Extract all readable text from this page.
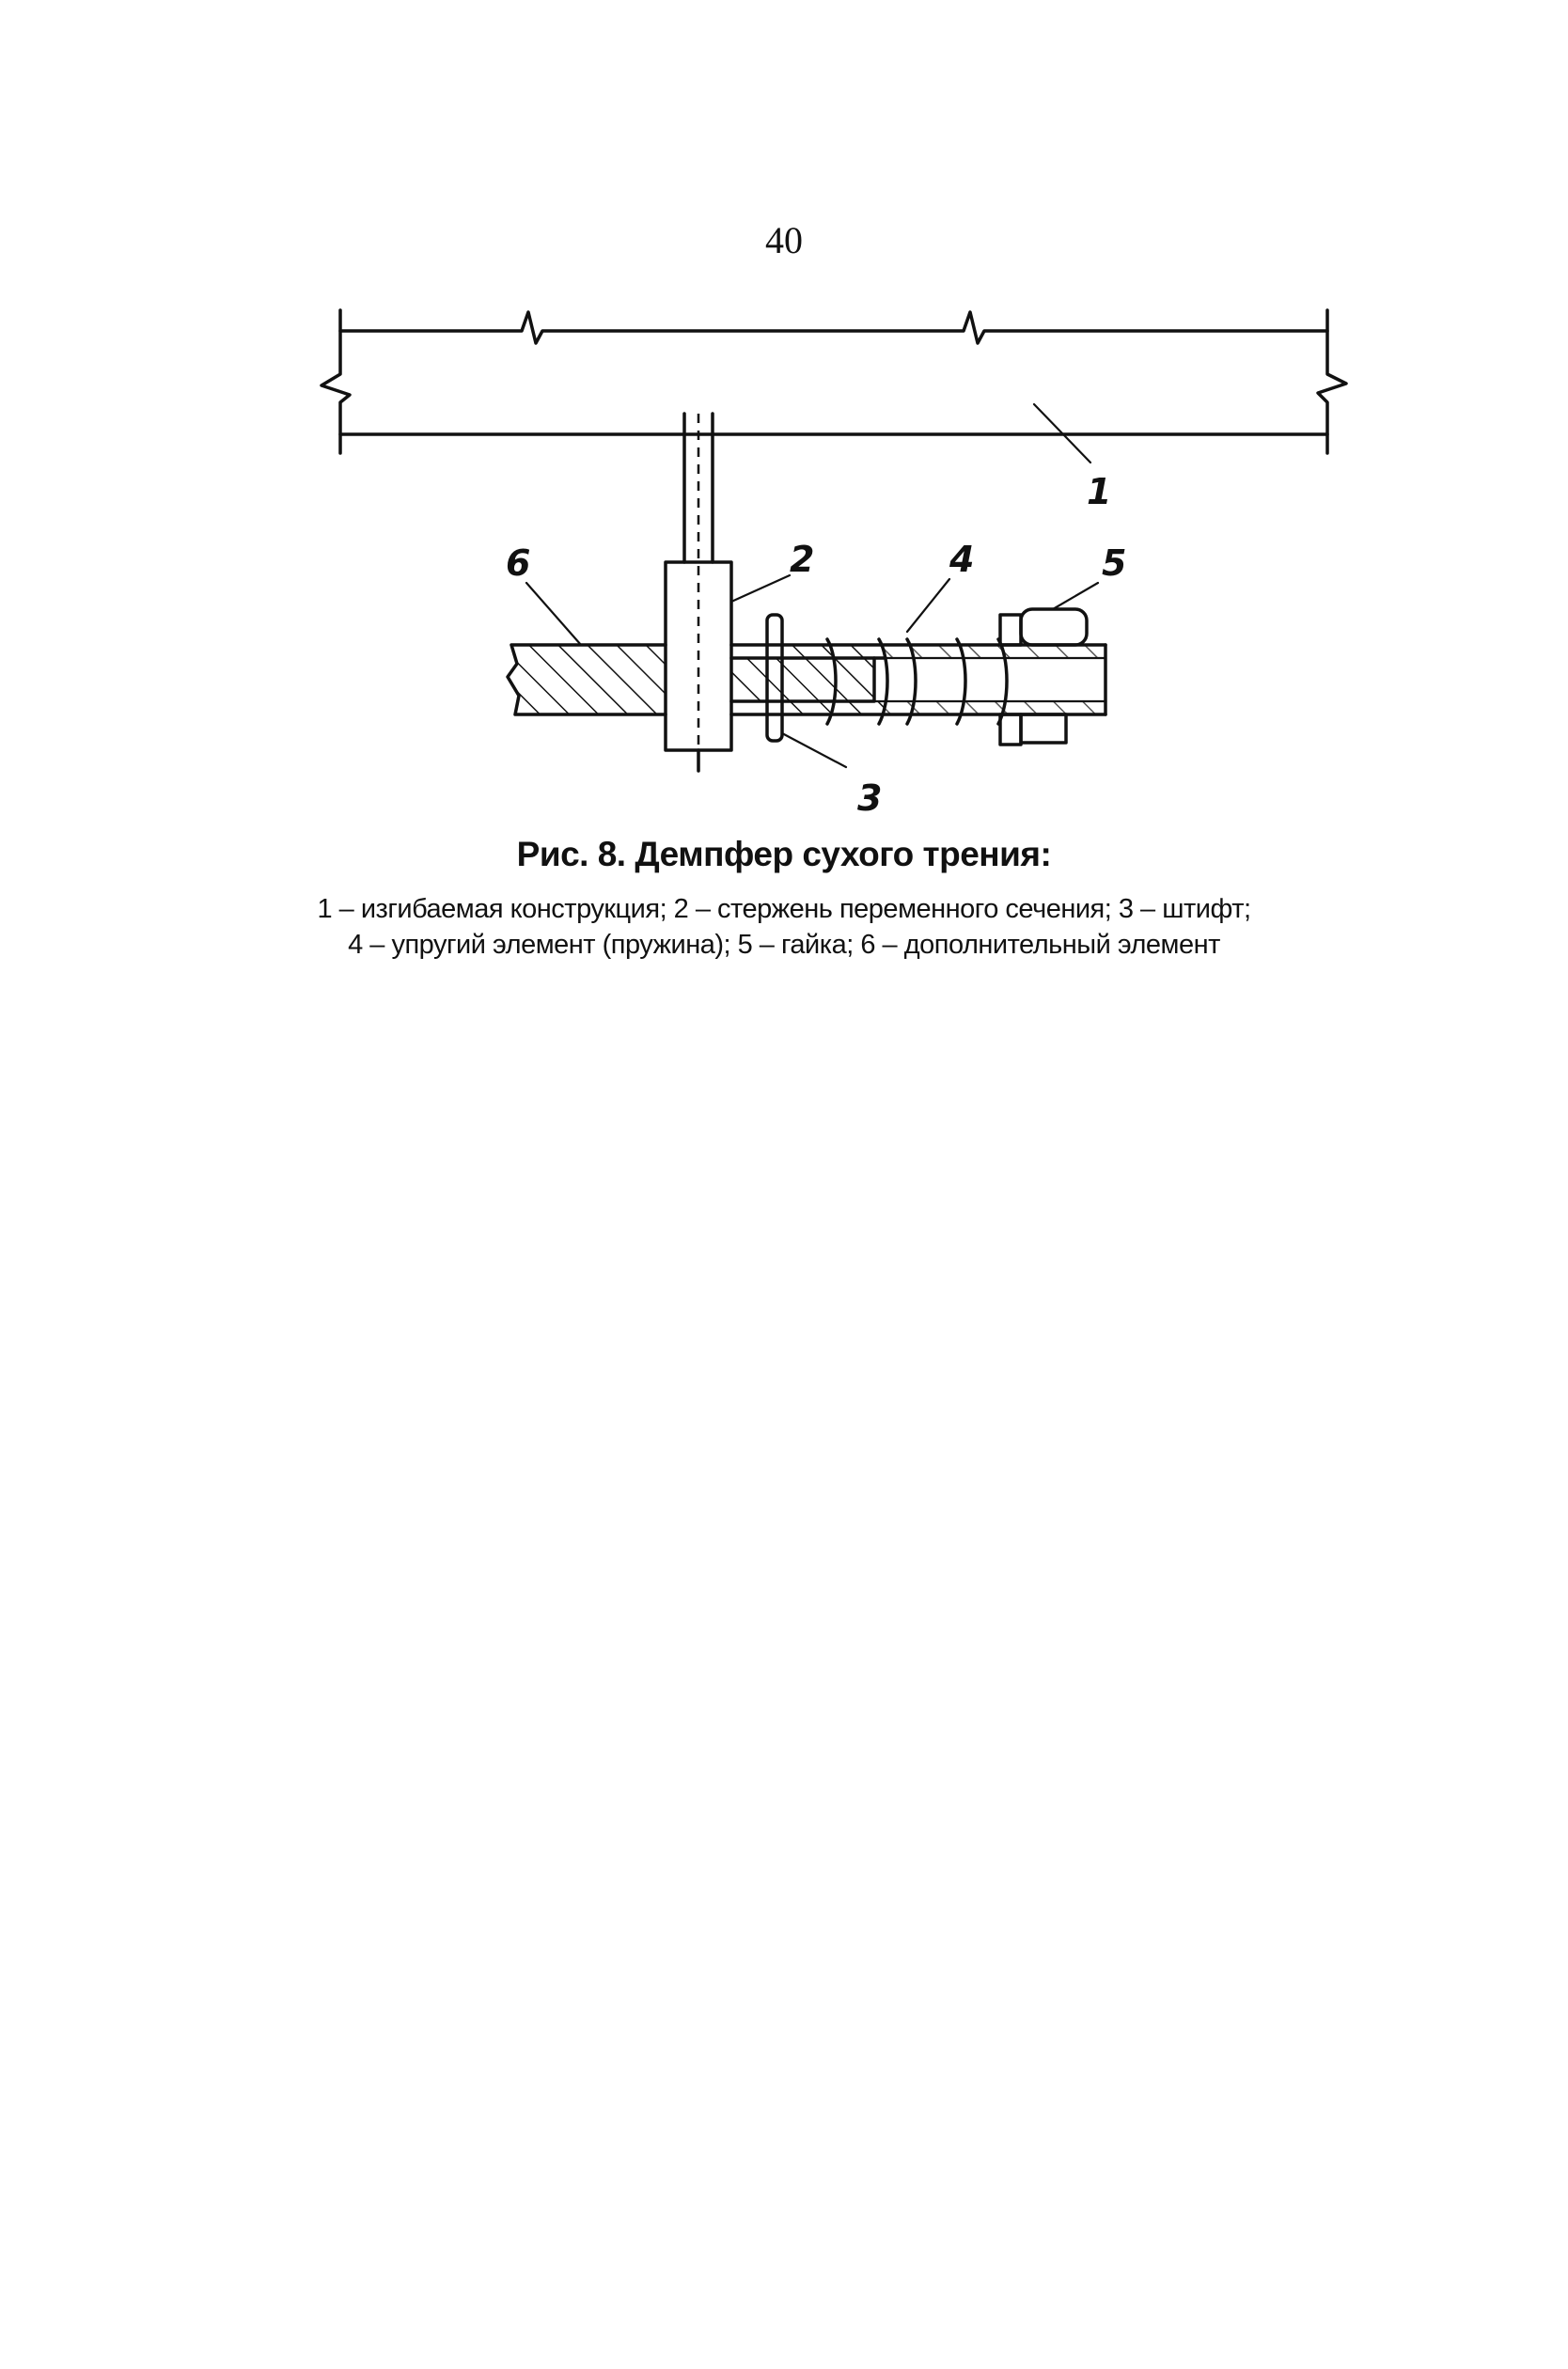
40
1
2
3
4	5
6
Рис. 8. Демпфер сухого трения:
1 – изгибаемая конструкция; 2 – стержень переменного сечения; 3 – штифт;
4 – упругий элемент (пружина); 5 – гайка; 6 – дополнительный элемент
